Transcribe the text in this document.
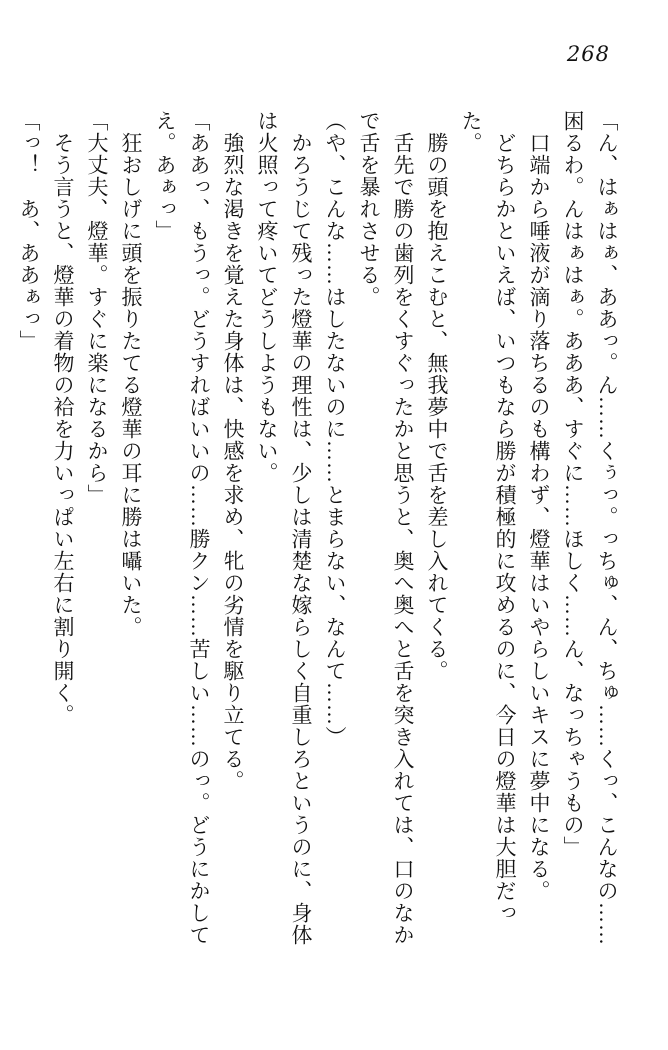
268

「ん、はぁはぁ、ああっ。ん……くぅっ。っちゅ、ん、ちゅ……くっ、こんなの……困るわ。んはぁはぁ。あああ、すぐに……ほしく……ん、なっちゃうもの」

口端から唾液が滴り落ちるのも構わず、燈華はいやらしいキスに夢中になる。

どちらかといえば、いつもなら勝が積極的に攻めるのに、今日の燈華は大胆だった。

勝の頭を抱えこむと、無我夢中で舌を差し入れてくる。

舌先で勝の歯列をくすぐったかと思うと、奥へ奥へと舌を突き入れては、口のなかで舌を暴れさせる。

（や、こんな……はしたないのに……とまらない、なんて……）

かろうじて残った燈華の理性は、少しは清楚な嫁らしく自重しろというのに、身体は火照って疼いてどうしようもない。

強烈な渇きを覚えた身体は、快感を求め、牝の劣情を駆り立てる。

「ああっ、もうっ。どうすればいいの……勝クン……苦しい……のっ。どうにかしてえ。あぁっ」

狂おしげに頭を振りたてる燈華の耳に勝は囁いた。

「大丈夫、燈華。すぐに楽になるから」

そう言うと、燈華の着物の袷を力いっぱい左右に割り開く。

「っ！　あ、ああぁっ」
